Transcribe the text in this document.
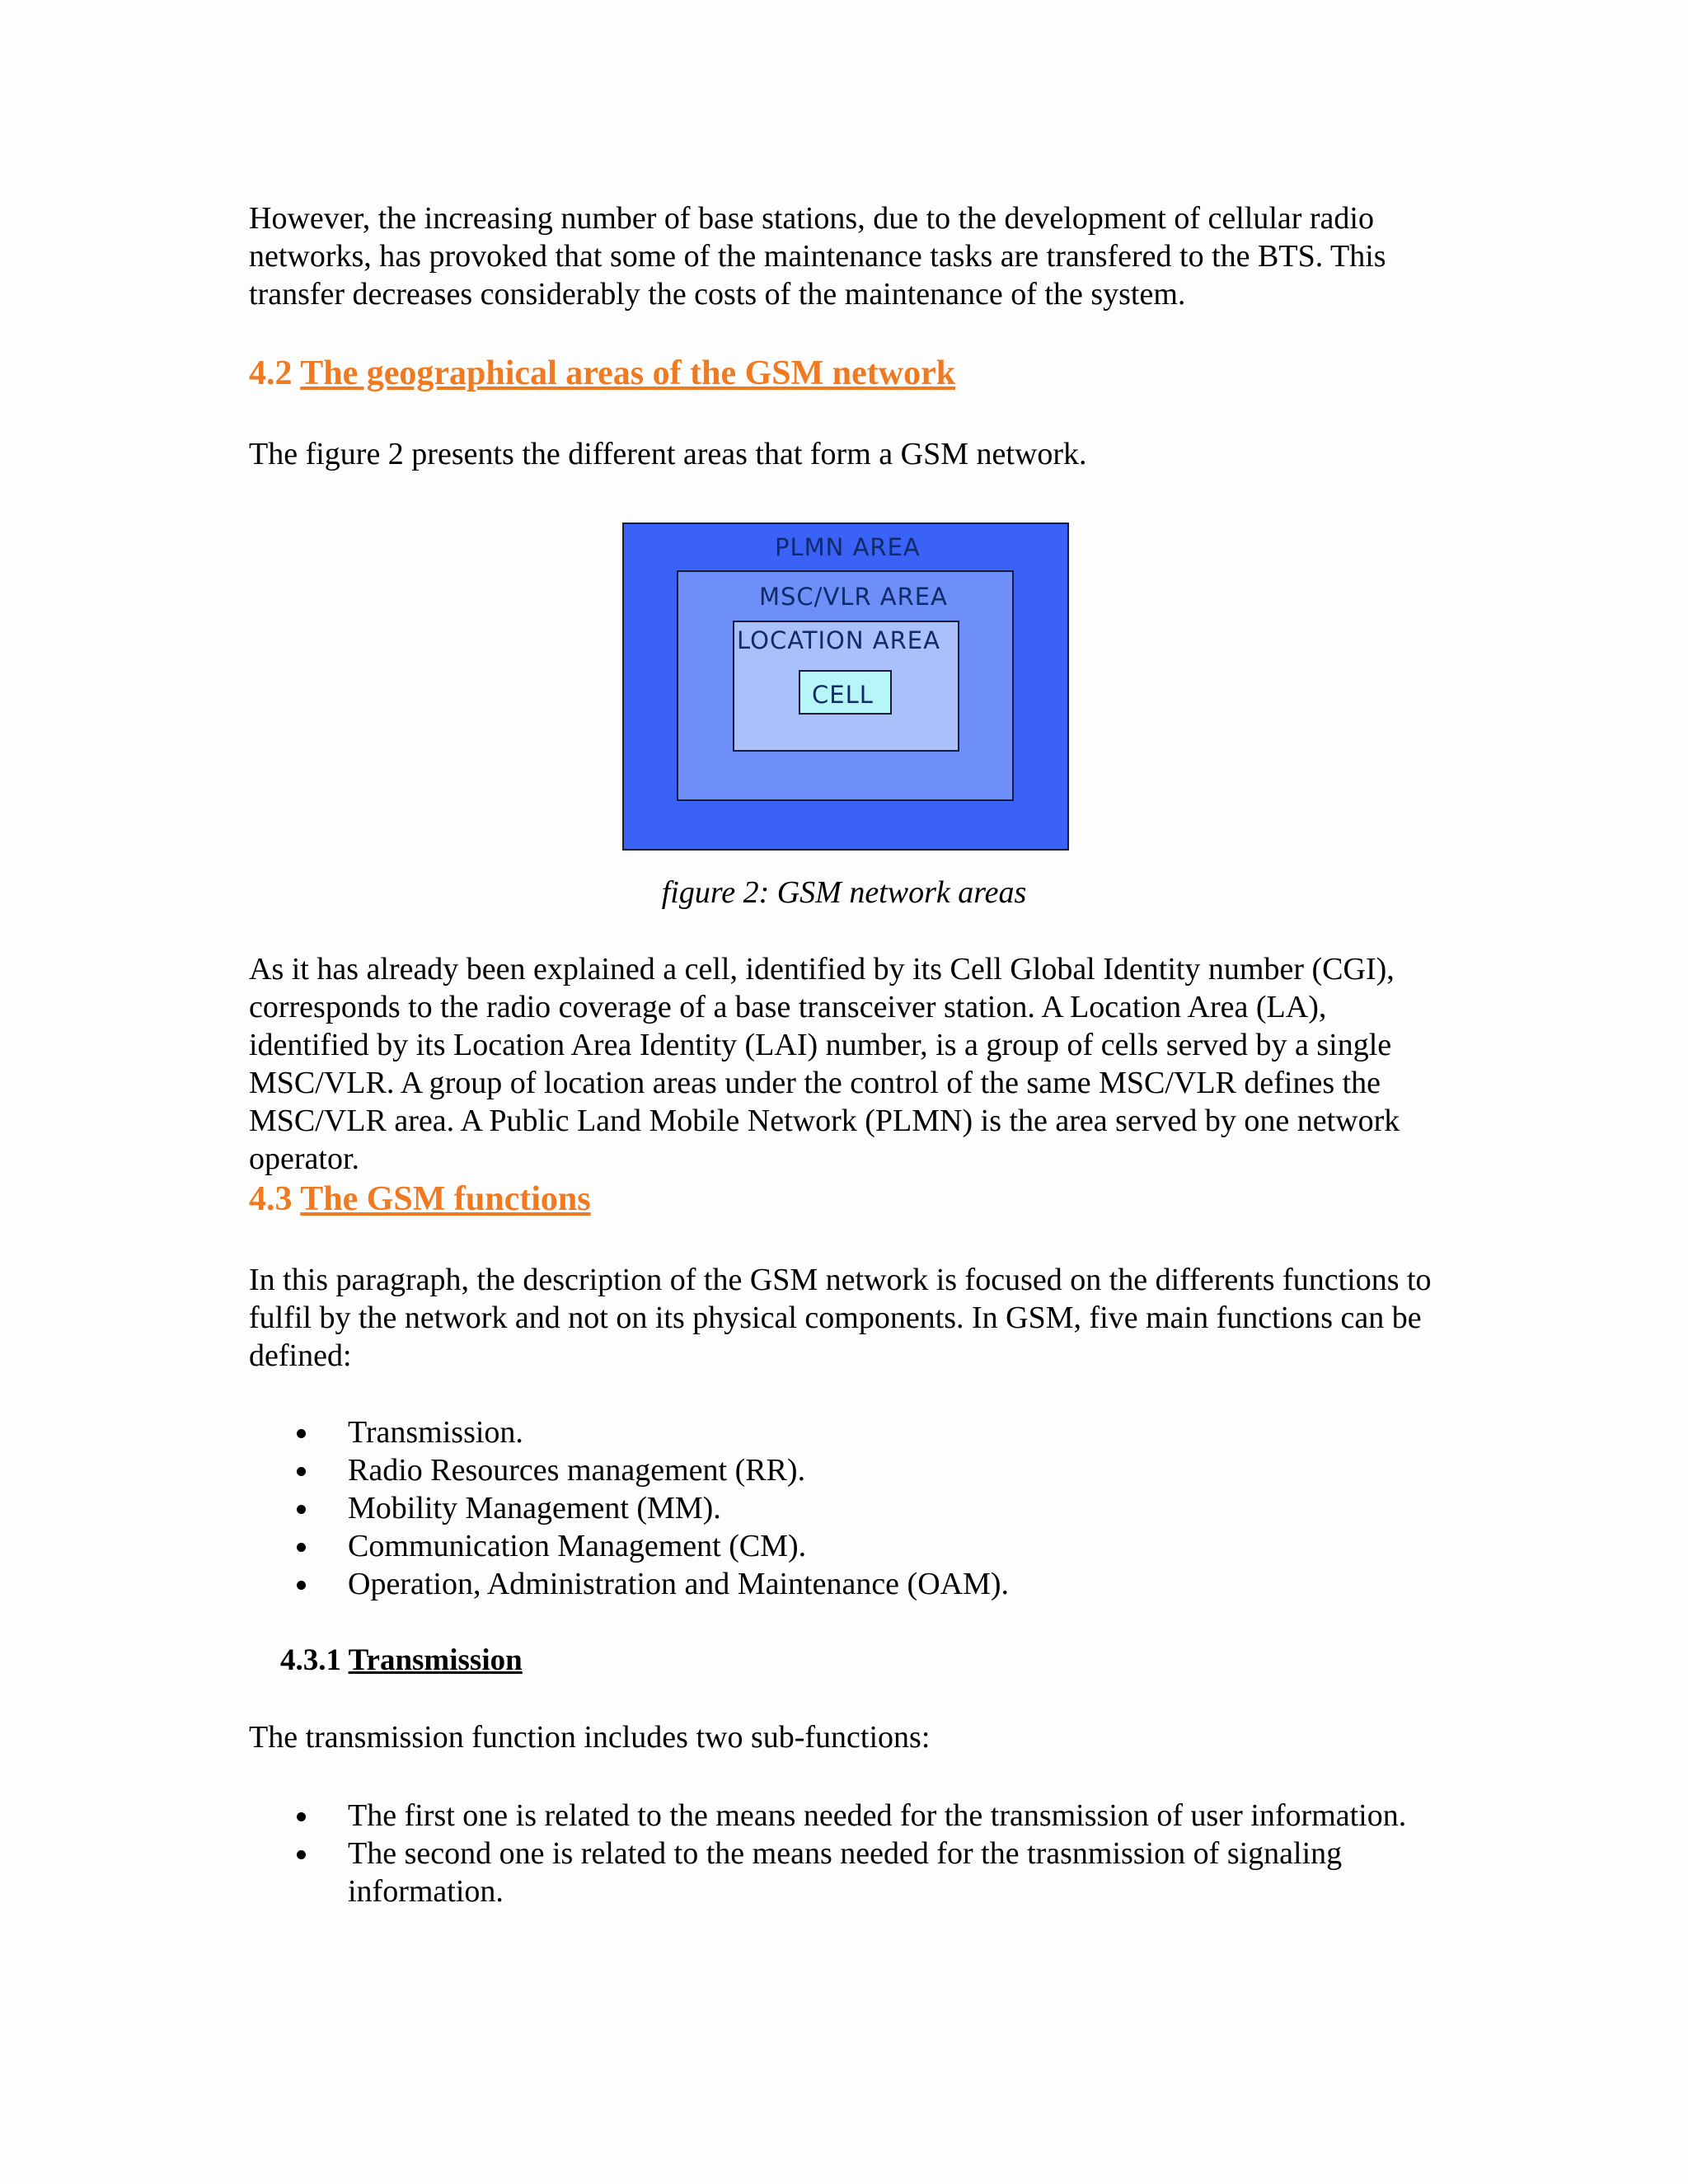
However, the increasing number of base stations, due to the development of cellular radio networks, has provoked that some of the maintenance tasks are transfered to the BTS. This transfer decreases considerably the costs of the maintenance of the system.

4.2 The geographical areas of the GSM network

The figure 2 presents the different areas that form a GSM network.

PLMN AREA
MSC/VLR AREA
LOCATION AREA
CELL

figure 2: GSM network areas

As it has already been explained a cell, identified by its Cell Global Identity number (CGI), corresponds to the radio coverage of a base transceiver station. A Location Area (LA), identified by its Location Area Identity (LAI) number, is a group of cells served by a single MSC/VLR. A group of location areas under the control of the same MSC/VLR defines the MSC/VLR area. A Public Land Mobile Network (PLMN) is the area served by one network operator.

4.3 The GSM functions

In this paragraph, the description of the GSM network is focused on the differents functions to fulfil by the network and not on its physical components. In GSM, five main functions can be defined:

Transmission.
Radio Resources management (RR).
Mobility Management (MM).
Communication Management (CM).
Operation, Administration and Maintenance (OAM).
4.3.1 Transmission

The transmission function includes two sub-functions:

The first one is related to the means needed for the transmission of user information.
The second one is related to the means needed for the trasnmission of signaling information.
